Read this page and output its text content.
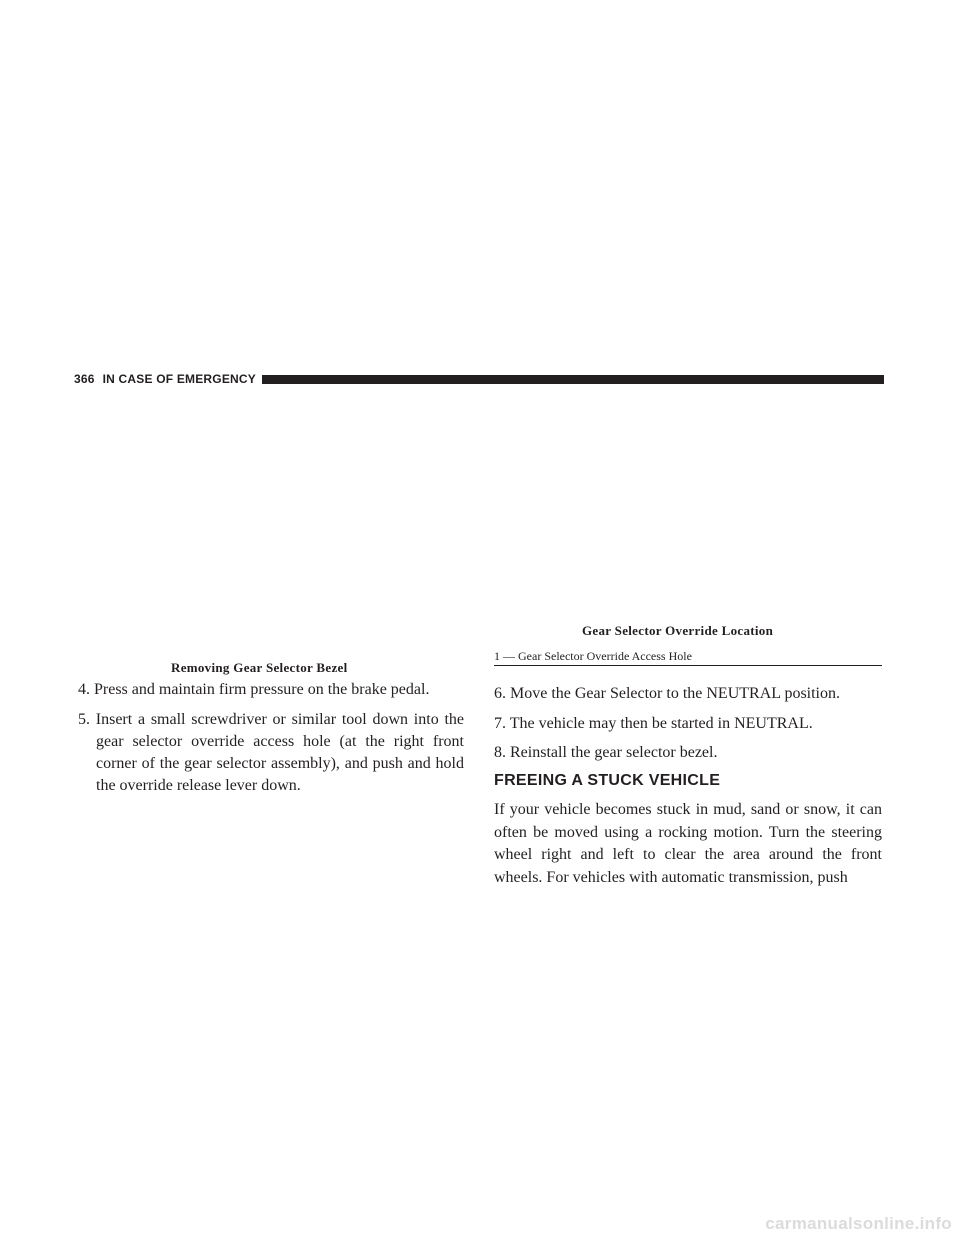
366 IN CASE OF EMERGENCY
Removing Gear Selector Bezel

4. Press and maintain firm pressure on the brake pedal.

5. Insert a small screwdriver or similar tool down into the gear selector override access hole (at the right front corner of the gear selector assembly), and push and hold the override release lever down.

Gear Selector Override Location
1 — Gear Selector Override Access Hole

6. Move the Gear Selector to the NEUTRAL position.

7. The vehicle may then be started in NEUTRAL.

8. Reinstall the gear selector bezel.

FREEING A STUCK VEHICLE

If your vehicle becomes stuck in mud, sand or snow, it can often be moved using a rocking motion. Turn the steering wheel right and left to clear the area around the front wheels. For vehicles with automatic transmission, push

carmanualsonline.info
